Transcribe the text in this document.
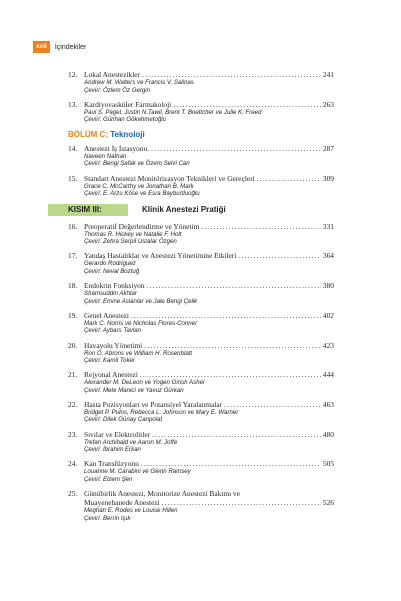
xxii	İçindekiler
12. Lokal Anestezikler .....	241
Andrew M. Walters ve Francis V. Salinas
Çeviri: Özlem Öz Gergin
13. Kardiyovasküler Farmakoloji .....	263
Paul S. Pagel, Justin N.Tawil, Brent T. Boettcher ve Julie K. Freed
Çeviri: Günhan Gökahmetoğlu
BÖLÜM C: Teknoloji
14. Anestezi İş İstasyonu. .....	287
Naveen Nathan
Çeviri: Bengi Şafak ve Özem Selvi Can
15. Standart Anestezi Monitörizasyon Teknikleri ve Gereçleri .....	309
Grace C. McCarthy ve Jonathan B. Mark
Çeviri: E. Arzu Köse ve Esra Bayburtluoğlu
KISIM III:	Klinik Anestezi Pratiği
16. Preoperatif Değerlendirme ve Yönetim .....	331
Thomas R. Hickey ve Natalie F. Holt
Çeviri: Zehra Serpil Ustalar Özgen
17. Yandaş Hastalıklar ve Anestezi Yönetimine Etkileri .....	364
Gerardo Rodriguez
Çeviri: Neval Boztuğ
18. Endokrin Fonksiyon .....	380
Shamsuddin Akhtar
Çeviri: Emine Aslanlar ve Jale Bengi Çelik
19. Genel Anestezi .....	402
Mark C. Norris ve Nicholas Flores-Conner
Çeviri: Aybars Tavlan
20. Havayolu Yönetimi .....	423
Ron O. Abrons ve William H. Rosenblatt
Çeviri: Kamil Toker
21. Rejyonal Anestezi .....	444
Alexander M. DeLeon ve Yogen Girish Asher
Çeviri: Mete Manici ve Yavuz Gürkan
22. Hasta Pozisyonları ve Potansiyel Yaralanmalar .....	463
Bridget P. Pulos, Rebecca L. Johnson ve Mary E. Warner
Çeviri: Dilek Günay Canpolat
23. Sıvılar ve Elektrolitler .....	480
Trefan Archibald ve Aaron M. Joffe
Çeviri: İbrahim Erkan
24. Kan Transfüzyonu .....	505
Louanne M. Carabini ve Glenn Ramsey
Çeviri: Elzem Şen
25. Günübirlik Anestezi, Monitorize Anestezi Bakımı ve
Muayenehanede Anestezi .....	526
Meghan E. Rodes ve Louise Hillen
Çeviri: Berrin Işık
